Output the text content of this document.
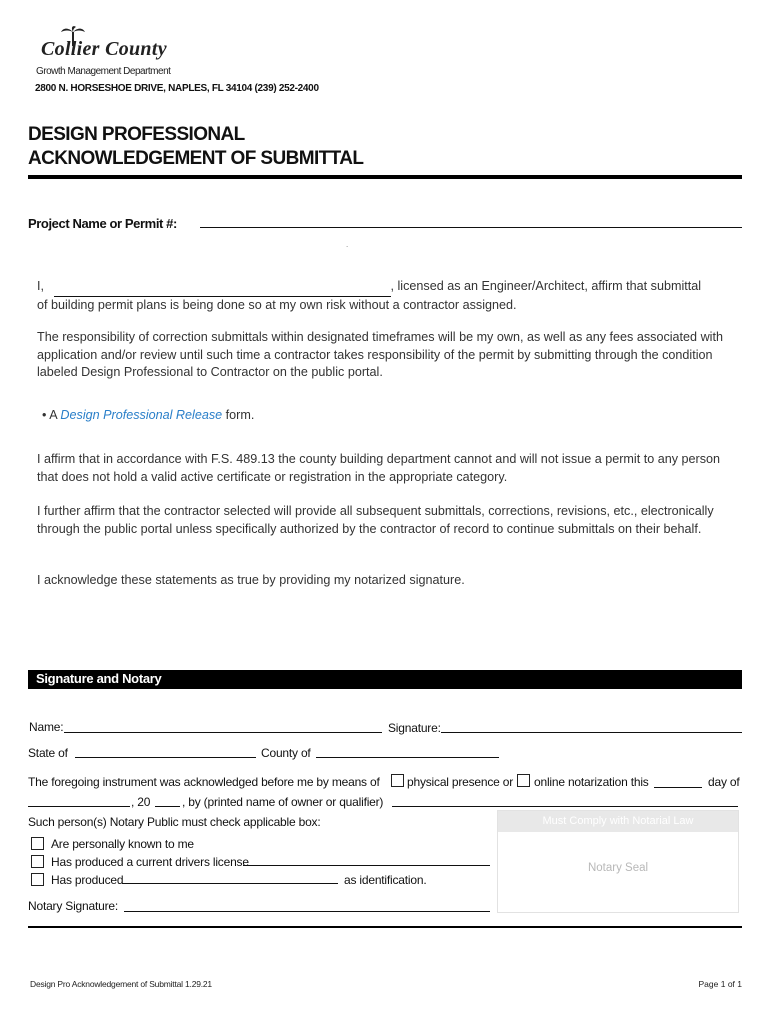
Collier County
Growth Management Department
2800 N. HORSESHOE DRIVE, NAPLES, FL 34104 (239) 252-2400
DESIGN PROFESSIONAL
ACKNOWLEDGEMENT OF SUBMITTAL
Project Name or Permit #:
.
I,	, licensed as an Engineer/Architect, affirm that submittal
of building permit plans is being done so at my own risk without a contractor assigned.
The responsibility of correction submittals within designated timeframes will be my own, as well as any fees associated with application and/or review until such time a contractor takes responsibility of the permit by submitting through the condition labeled Design Professional to Contractor on the public portal.
• A Design Professional Release form.
I affirm that in accordance with F.S. 489.13 the county building department cannot and will not issue a permit to any person that does not hold a valid active certificate or registration in the appropriate category.
I further affirm that the contractor selected will provide all subsequent submittals, corrections, revisions, etc., electronically through the public portal unless specifically authorized by the contractor of record to continue submittals on their behalf.
I acknowledge these statements as true by providing my notarized signature.
Signature and Notary
Name:	Signature:
State of	County of
The foregoing instrument was acknowledged before me by means of physical presence or online notarization this	day of
, 20	, by (printed name of owner or qualifier)
Such person(s) Notary Public must check applicable box:
Are personally known to me
Has produced a current drivers license
Has produced	as identification.
Notary Signature:
Must Comply with Notarial Law
Notary Seal
Design Pro Acknowledgement of Submittal 1.29.21	Page 1 of 1
